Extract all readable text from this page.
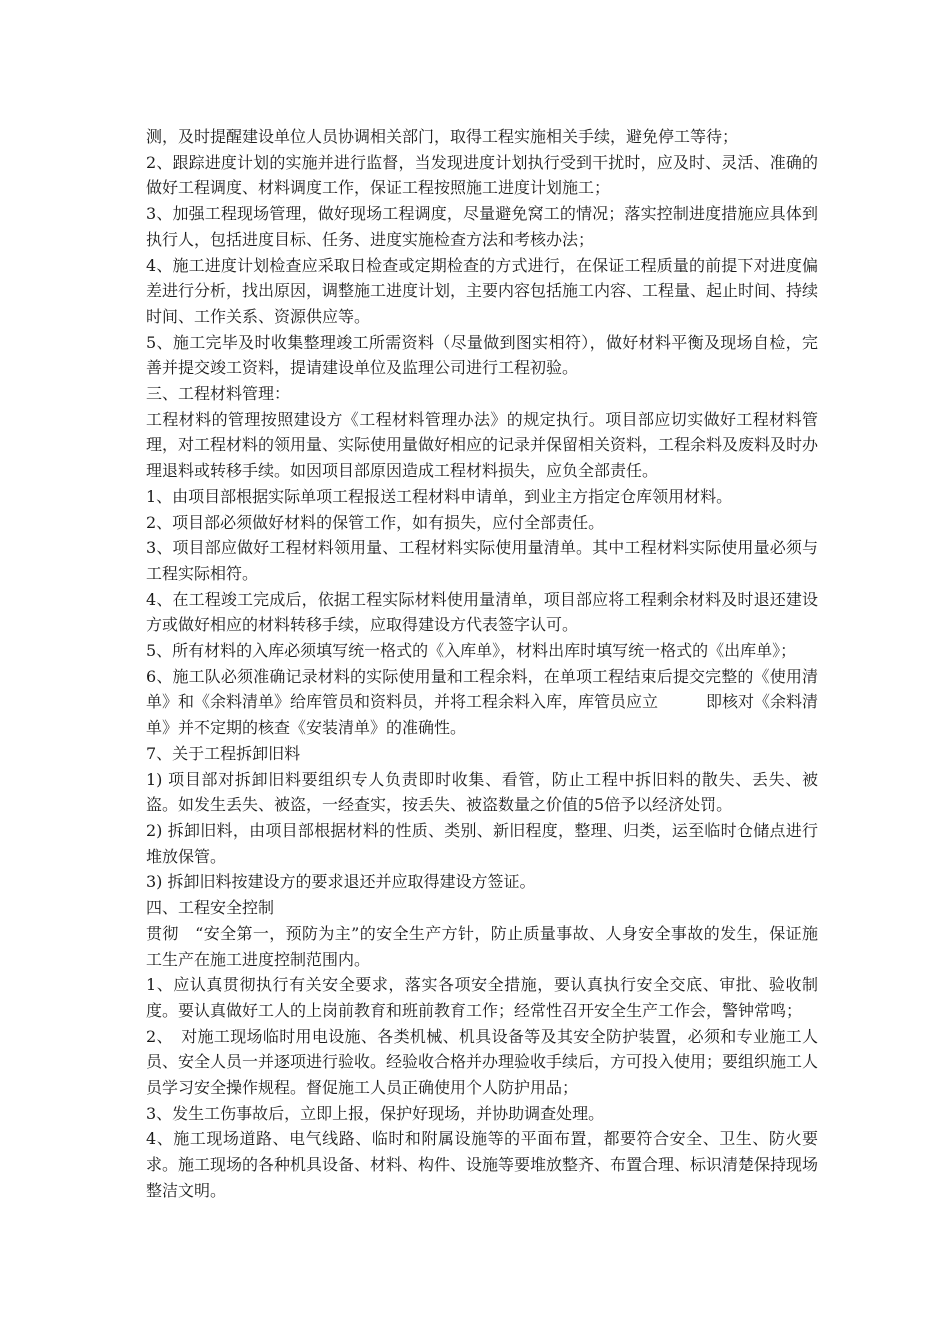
测，及时提醒建设单位人员协调相关部门，取得工程实施相关手续，避免停工等待；

2、跟踪进度计划的实施并进行监督，当发现进度计划执行受到干扰时，应及时、灵活、准确的做好工程调度、材料调度工作，保证工程按照施工进度计划施工；

3、加强工程现场管理，做好现场工程调度，尽量避免窝工的情况；落实控制进度措施应具体到执行人，包括进度目标、任务、进度实施检查方法和考核办法；

4、施工进度计划检查应采取日检查或定期检查的方式进行，在保证工程质量的前提下对进度偏差进行分析，找出原因，调整施工进度计划，主要内容包括施工内容、工程量、起止时间、持续时间、工作关系、资源供应等。

5、施工完毕及时收集整理竣工所需资料（尽量做到图实相符），做好材料平衡及现场自检，完善并提交竣工资料，提请建设单位及监理公司进行工程初验。

三、工程材料管理：

工程材料的管理按照建设方《工程材料管理办法》的规定执行。项目部应切实做好工程材料管理，对工程材料的领用量、实际使用量做好相应的记录并保留相关资料，工程余料及废料及时办理退料或转移手续。如因项目部原因造成工程材料损失，应负全部责任。

1、由项目部根据实际单项工程报送工程材料申请单，到业主方指定仓库领用材料。

2、项目部必须做好材料的保管工作，如有损失，应付全部责任。

3、项目部应做好工程材料领用量、工程材料实际使用量清单。其中工程材料实际使用量必须与工程实际相符。

4、在工程竣工完成后，依据工程实际材料使用量清单，项目部应将工程剩余材料及时退还建设方或做好相应的材料转移手续，应取得建设方代表签字认可。

5、所有材料的入库必须填写统一格式的《入库单》，材料出库时填写统一格式的《出库单》；

6、施工队必须准确记录材料的实际使用量和工程余料，在单项工程结束后提交完整的《使用清单》和《余料清单》给库管员和资料员，并将工程余料入库，库管员应立　　　即核对《余料清单》并不定期的核查《安装清单》的准确性。

7、关于工程拆卸旧料

1) 项目部对拆卸旧料要组织专人负责即时收集、看管，防止工程中拆旧料的散失、丢失、被盗。如发生丢失、被盗，一经查实，按丢失、被盗数量之价值的5倍予以经济处罚。

2) 拆卸旧料，由项目部根据材料的性质、类别、新旧程度，整理、归类，运至临时仓储点进行堆放保管。

3) 拆卸旧料按建设方的要求退还并应取得建设方签证。

四、工程安全控制

贯彻　“安全第一，预防为主”的安全生产方针，防止质量事故、人身安全事故的发生，保证施工生产在施工进度控制范围内。

1、应认真贯彻执行有关安全要求，落实各项安全措施，要认真执行安全交底、审批、验收制度。要认真做好工人的上岗前教育和班前教育工作；经常性召开安全生产工作会，警钟常鸣；

2、　对施工现场临时用电设施、各类机械、机具设备等及其安全防护装置，必须和专业施工人员、安全人员一并逐项进行验收。经验收合格并办理验收手续后，方可投入使用；要组织施工人员学习安全操作规程。督促施工人员正确使用个人防护用品；

3、发生工伤事故后，立即上报，保护好现场，并协助调查处理。

4、施工现场道路、电气线路、临时和附属设施等的平面布置，都要符合安全、卫生、防火要求。施工现场的各种机具设备、材料、构件、设施等要堆放整齐、布置合理、标识清楚保持现场整洁文明。
